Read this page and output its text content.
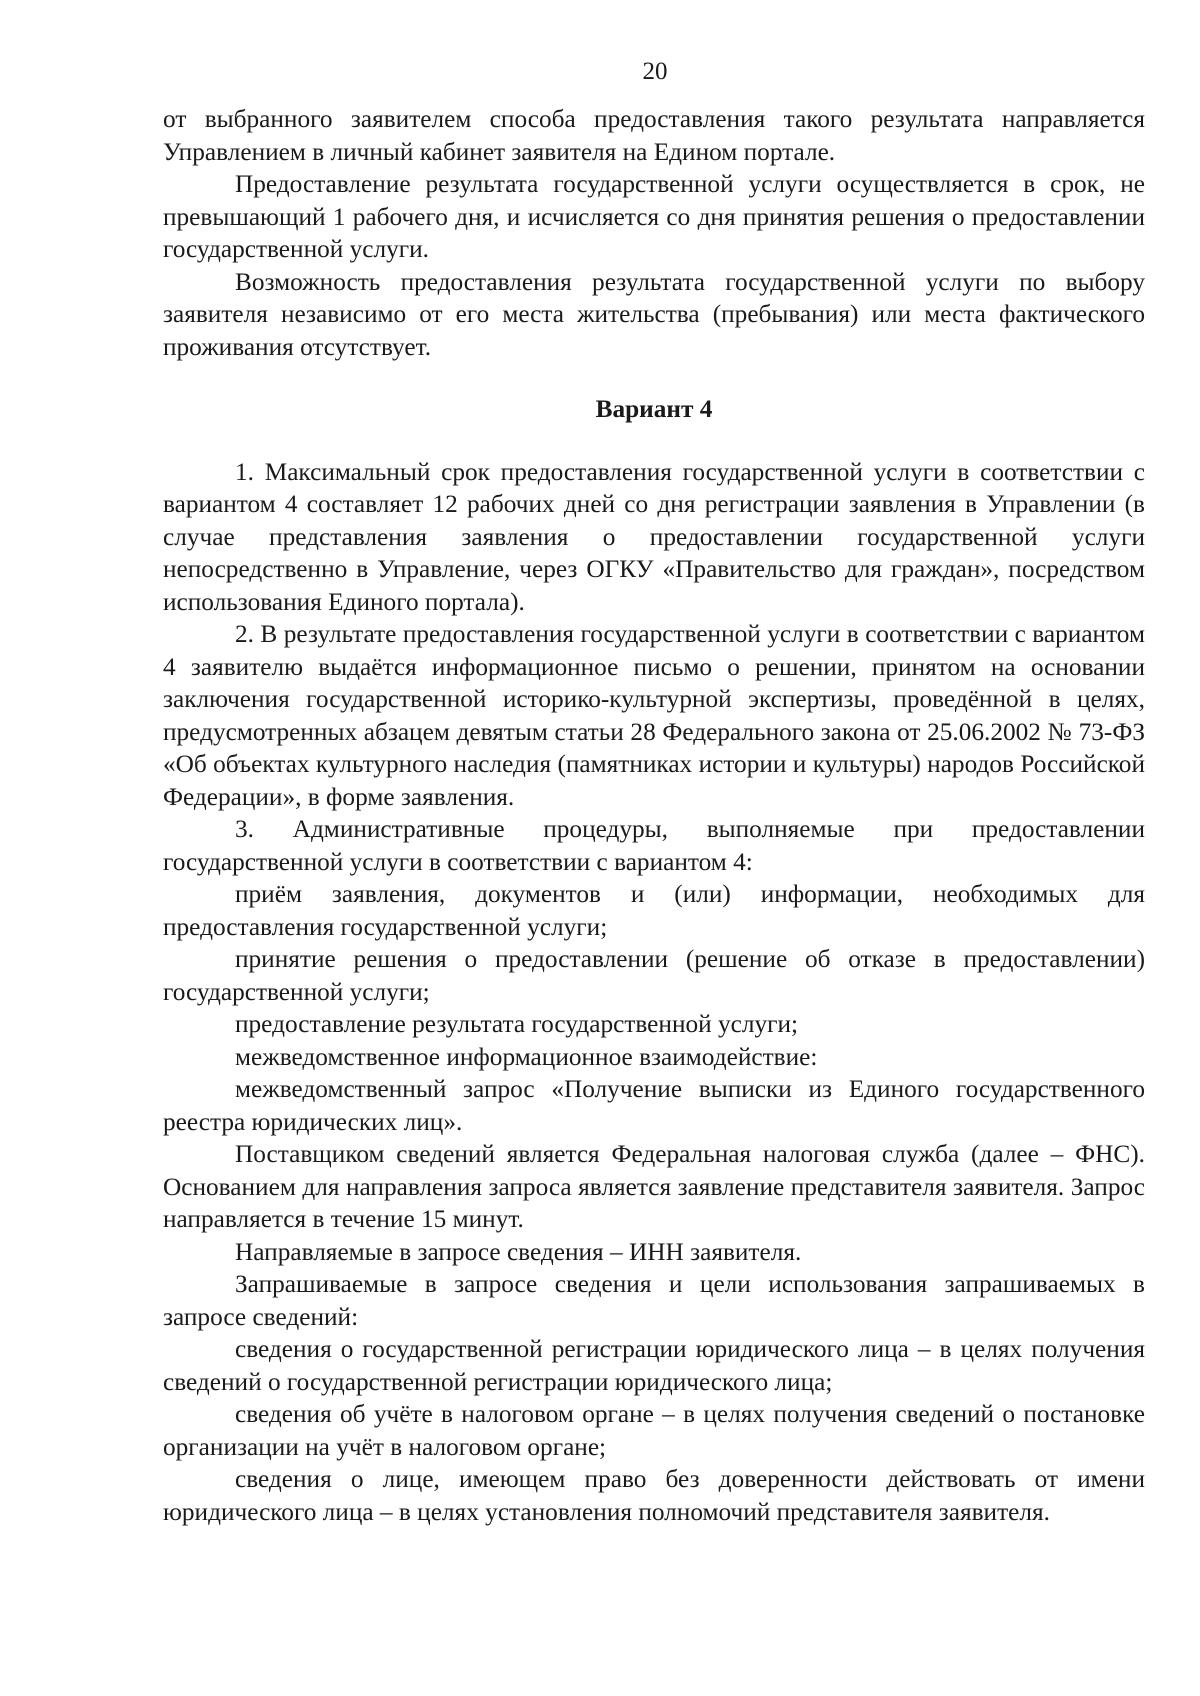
20

от выбранного заявителем способа предоставления такого результата направляется Управлением в личный кабинет заявителя на Едином портале.

Предоставление результата государственной услуги осуществляется в срок, не превышающий 1 рабочего дня, и исчисляется со дня принятия решения о предоставлении государственной услуги.

Возможность предоставления результата государственной услуги по выбору заявителя независимо от его места жительства (пребывания) или места фактического проживания отсутствует.

Вариант 4

1. Максимальный срок предоставления государственной услуги в соответствии с вариантом 4 составляет 12 рабочих дней со дня регистрации заявления в Управлении (в случае представления заявления о предоставлении государственной услуги непосредственно в Управление, через ОГКУ «Правительство для граждан», посредством использования Единого портала).

2. В результате предоставления государственной услуги в соответствии с вариантом 4 заявителю выдаётся информационное письмо о решении, принятом на основании заключения государственной историко-культурной экспертизы, проведённой в целях, предусмотренных абзацем девятым статьи 28 Федерального закона от 25.06.2002 № 73-ФЗ «Об объектах культурного наследия (памятниках истории и культуры) народов Российской Федерации», в форме заявления.

3. Административные процедуры, выполняемые при предоставлении государственной услуги в соответствии с вариантом 4:

приём заявления, документов и (или) информации, необходимых для предоставления государственной услуги;

принятие решения о предоставлении (решение об отказе в предоставлении) государственной услуги;

предоставление результата государственной услуги;

межведомственное информационное взаимодействие:

межведомственный запрос «Получение выписки из Единого государственного реестра юридических лиц».

Поставщиком сведений является Федеральная налоговая служба (далее – ФНС). Основанием для направления запроса является заявление представителя заявителя. Запрос направляется в течение 15 минут.

Направляемые в запросе сведения – ИНН заявителя.

Запрашиваемые в запросе сведения и цели использования запрашиваемых в запросе сведений:

сведения о государственной регистрации юридического лица – в целях получения сведений о государственной регистрации юридического лица;

сведения об учёте в налоговом органе – в целях получения сведений о постановке организации на учёт в налоговом органе;

сведения о лице, имеющем право без доверенности действовать от имени юридического лица – в целях установления полномочий представителя заявителя.
